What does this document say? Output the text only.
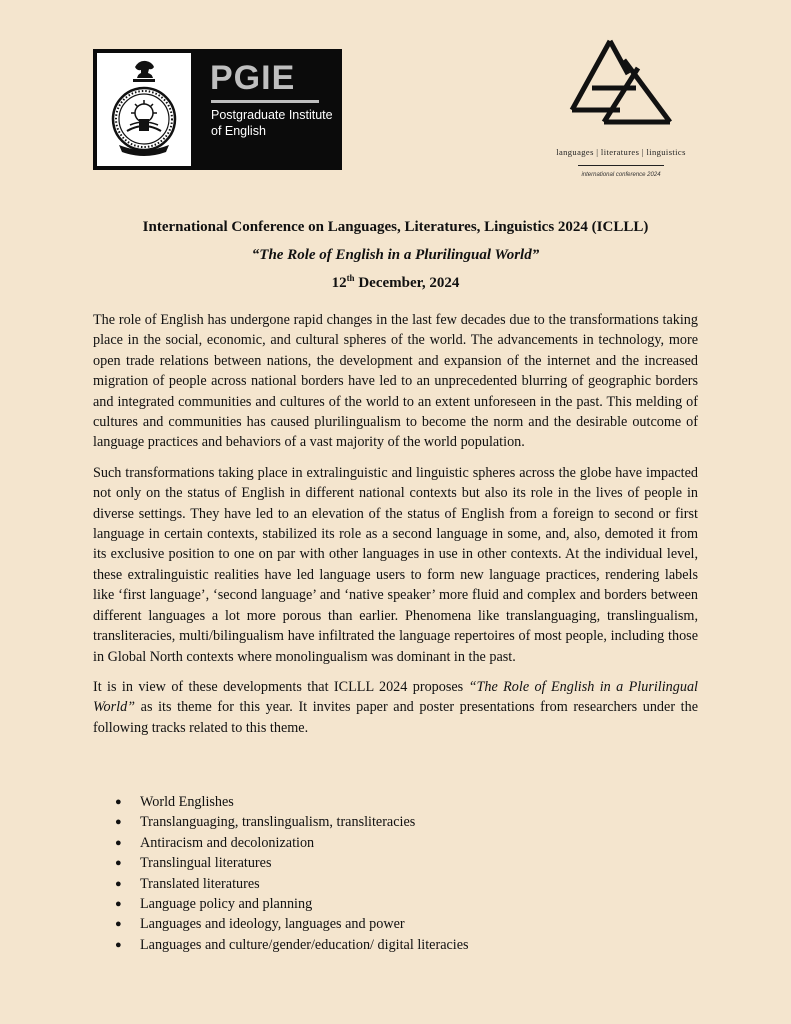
PGIE
Postgraduate Institute of English
languages | literatures | linguistics
international conference 2024

International Conference on Languages, Literatures, Linguistics 2024 (ICLLL)

“The Role of English in a Plurilingual World”

12th December, 2024

The role of English has undergone rapid changes in the last few decades due to the transformations taking place in the social, economic, and cultural spheres of the world. The advancements in technology, more open trade relations between nations, the development and expansion of the internet and the increased migration of people across national borders have led to an unprecedented blurring of geographic borders and integrated communities and cultures of the world to an extent unforeseen in the past. This melding of cultures and communities has caused plurilingualism to become the norm and the desirable outcome of language practices and behaviors of a vast majority of the world population.

Such transformations taking place in extralinguistic and linguistic spheres across the globe have impacted not only on the status of English in different national contexts but also its role in the lives of people in diverse settings. They have led to an elevation of the status of English from a foreign to second or first language in certain contexts, stabilized its role as a second language in some, and, also, demoted it from its exclusive position to one on par with other languages in use in other contexts. At the individual level, these extralinguistic realities have led language users to form new language practices, rendering labels like ‘first language’, ‘second language’ and ‘native speaker’ more fluid and complex and borders between different languages a lot more porous than earlier. Phenomena like translanguaging, translingualism, transliteracies, multi/bilingualism have infiltrated the language repertoires of most people, including those in Global North contexts where monolingualism was dominant in the past.

It is in view of these developments that ICLLL 2024 proposes “The Role of English in a Plurilingual World” as its theme for this year. It invites paper and poster presentations from researchers under the following tracks related to this theme.

● World Englishes
● Translanguaging, translingualism, transliteracies
● Antiracism and decolonization
● Translingual literatures
● Translated literatures
● Language policy and planning
● Languages and ideology, languages and power
● Languages and culture/gender/education/ digital literacies
